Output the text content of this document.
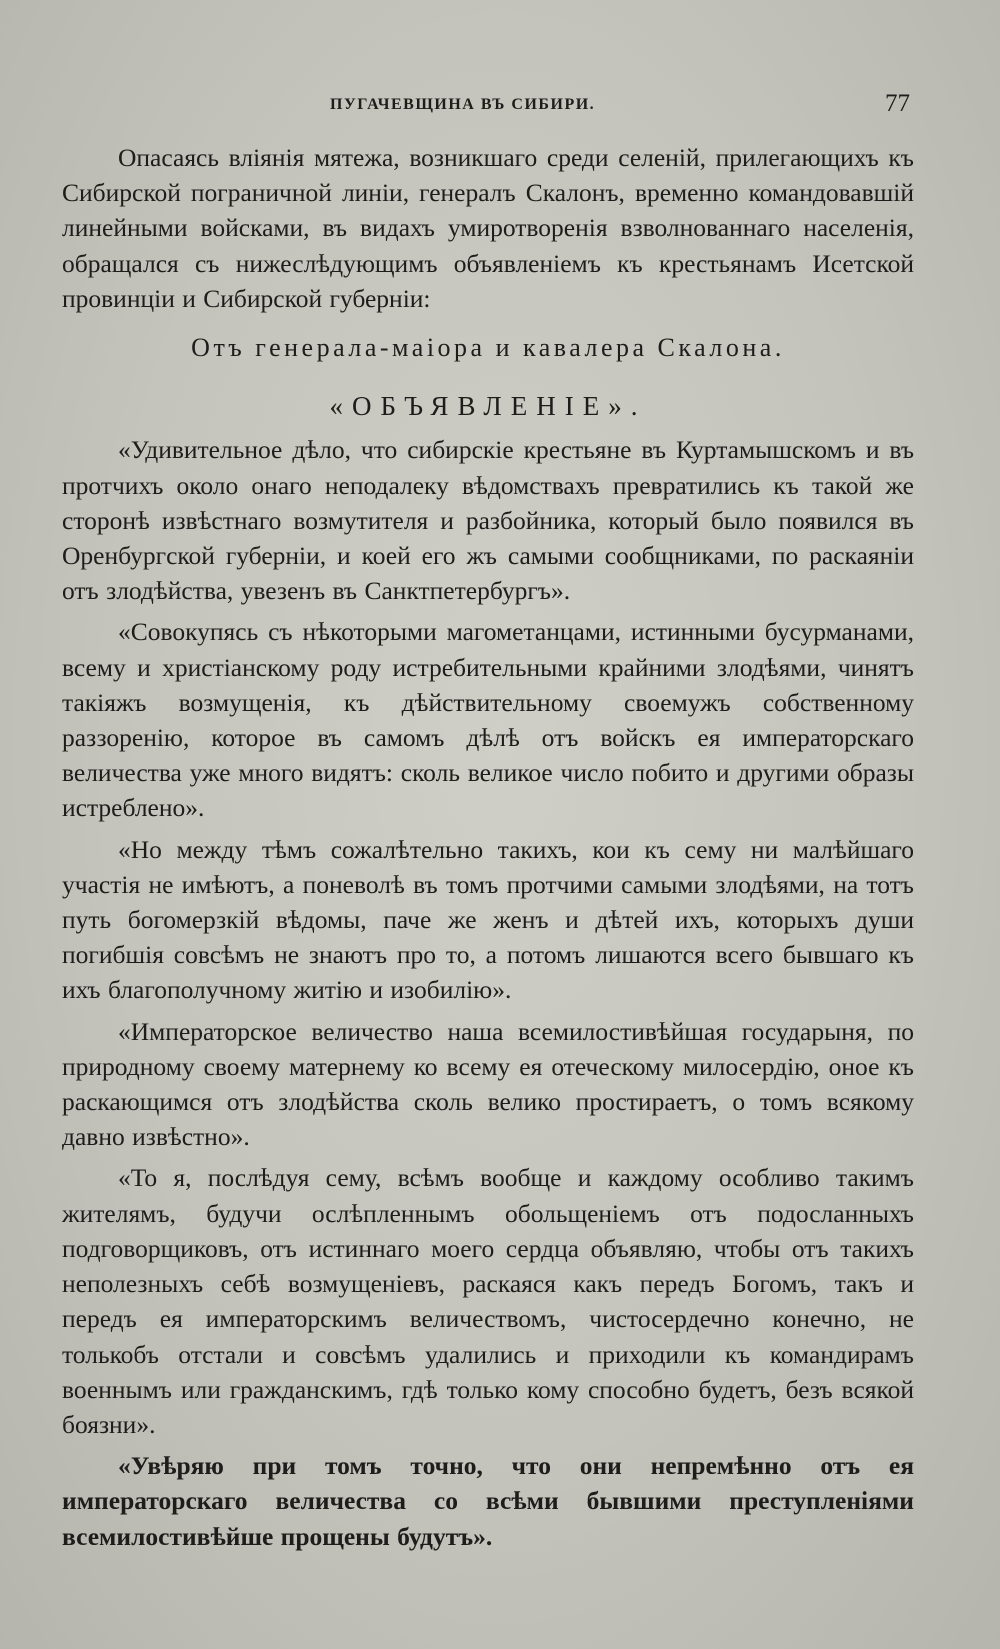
ПУГАЧЕВЩИНА ВЪ СИБИРИ.	77

Опасаясь вліянія мятежа, возникшаго среди селеній, прилегающихъ къ Сибирской пограничной линіи, генералъ Скалонъ, временно командовавшій линейными войсками, въ видахъ умиротворенія взволнованнаго населенія, обращался съ нижеслѣдующимъ объявленіемъ къ крестьянамъ Исетской провинціи и Сибирской губерніи:

Отъ генерала-маіора и кавалера Скалона.
«ОБЪЯВЛЕНІЕ».

«Удивительное дѣло, что сибирскіе крестьяне въ Куртамышскомъ и въ протчихъ около онаго неподалеку вѣдомствахъ превратились къ такой же сторонѣ извѣстнаго возмутителя и разбойника, который было появился въ Оренбургской губерніи, и коей его жъ самыми сообщниками, по раскаяніи отъ злодѣйства, увезенъ въ Санктпетербургъ».

«Совокупясь съ нѣкоторыми магометанцами, истинными бусурманами, всему и христіанскому роду истребительными крайними злодѣями, чинятъ такіяжъ возмущенія, къ дѣйствительному своемужъ собственному раззоренію, которое въ самомъ дѣлѣ отъ войскъ ея императорскаго величества уже много видятъ: сколь великое число побито и другими образы истреблено».

«Но между тѣмъ сожалѣтельно такихъ, кои къ сему ни малѣйшаго участія не имѣютъ, а поневолѣ въ томъ протчими самыми злодѣями, на тотъ путь богомерзкій вѣдомы, паче же женъ и дѣтей ихъ, которыхъ души погибшія совсѣмъ не знаютъ про то, а потомъ лишаются всего бывшаго къ ихъ благополучному житію и изобилію».

«Императорское величество наша всемилостивѣйшая государыня, по природному своему матернему ко всему ея отеческому милосердію, оное къ раскающимся отъ злодѣйства сколь велико простираетъ, о томъ всякому давно извѣстно».

«То я, послѣдуя сему, всѣмъ вообще и каждому особливо такимъ жителямъ, будучи ослѣпленнымъ обольщеніемъ отъ подосланныхъ подговорщиковъ, отъ истиннаго моего сердца объявляю, чтобы отъ такихъ неполезныхъ себѣ возмущеніевъ, раскаяся какъ передъ Богомъ, такъ и передъ ея императорскимъ величествомъ, чистосердечно конечно, не толькобъ отстали и совсѣмъ удалились и приходили къ командирамъ военнымъ или гражданскимъ, гдѣ только кому способно будетъ, безъ всякой боязни».

«Увѣряю при томъ точно, что они непремѣнно отъ ея императорскаго величества со всѣми бывшими преступленіями всемилостивѣйше прощены будутъ».
